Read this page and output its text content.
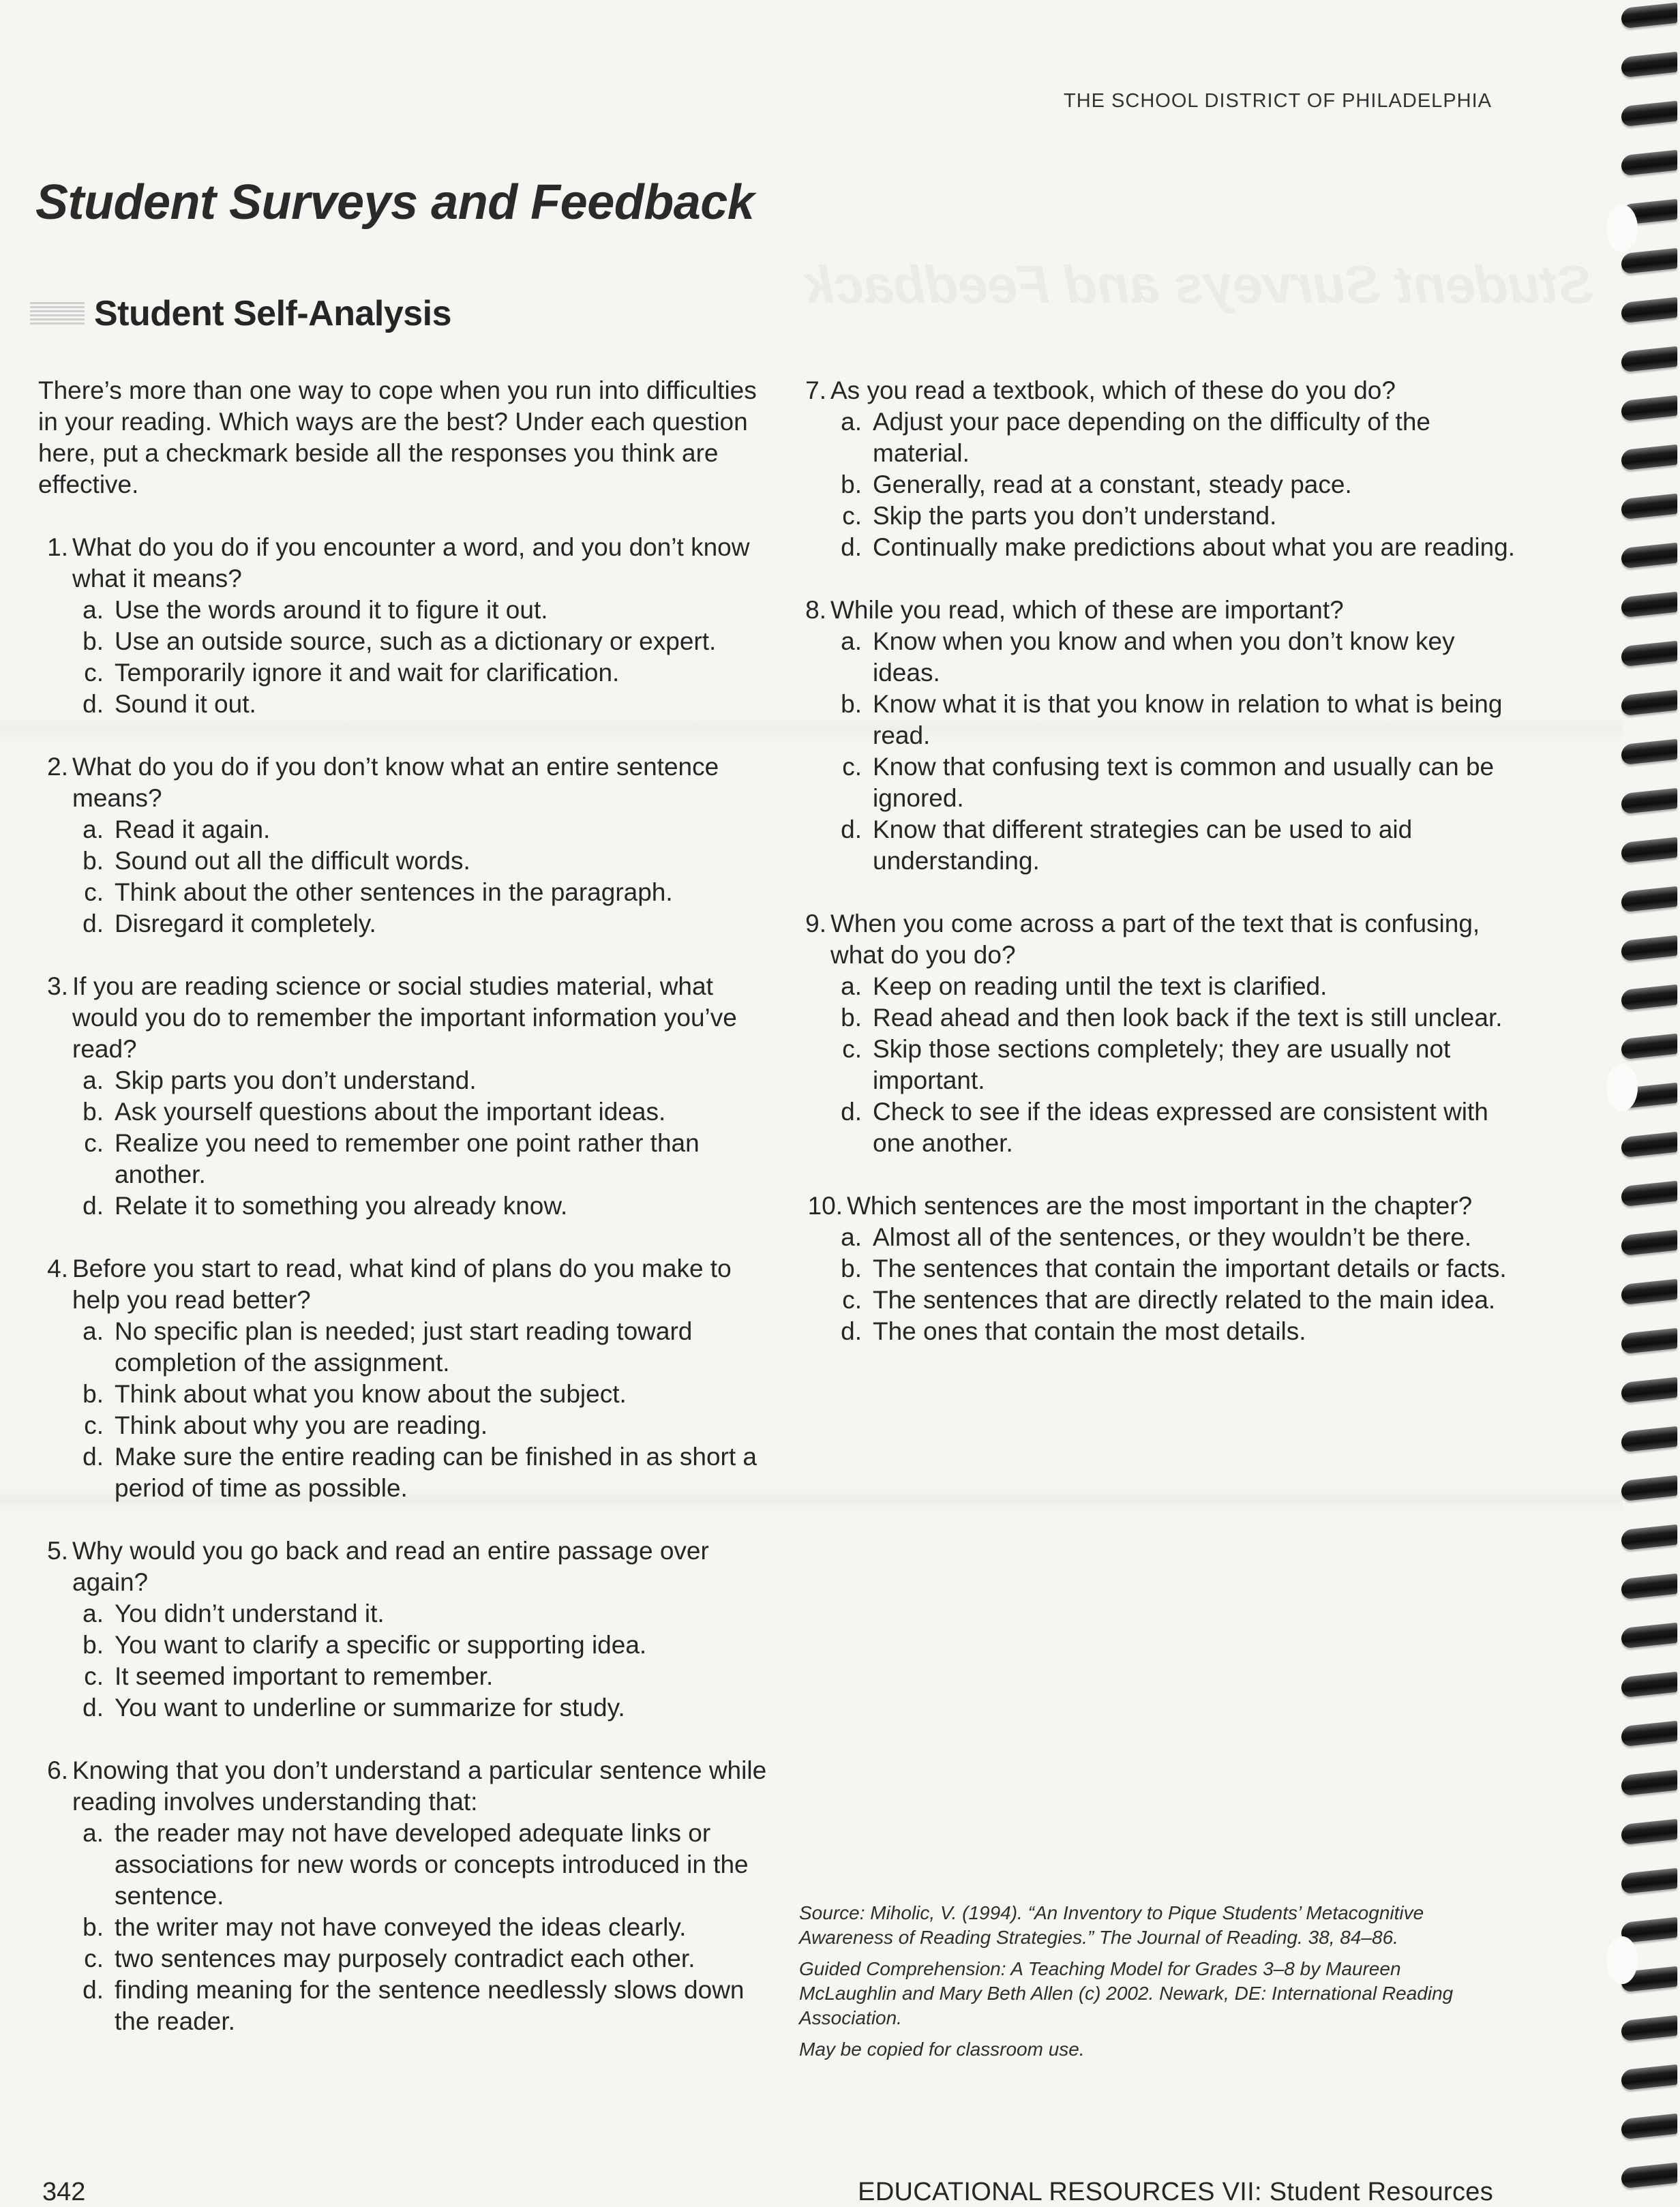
Student Surveys and Feedback
THE SCHOOL DISTRICT OF PHILADELPHIA
Student Surveys and Feedback
Student Self-Analysis

There’s more than one way to cope when you run into difficulties in your reading. Which ways are the best? Under each question here, put a checkmark beside all the responses you think are effective.

1. What do you do if you encounter a word, and you don’t know what it means?
a. Use the words around it to figure it out.
b. Use an outside source, such as a dictionary or expert.
c. Temporarily ignore it and wait for clarification.
d. Sound it out.
2. What do you do if you don’t know what an entire sentence means?
a. Read it again.
b. Sound out all the difficult words.
c. Think about the other sentences in the paragraph.
d. Disregard it completely.
3. If you are reading science or social studies material, what would you do to remember the important information you’ve read?
a. Skip parts you don’t understand.
b. Ask yourself questions about the important ideas.
c. Realize you need to remember one point rather than another.
d. Relate it to something you already know.
4. Before you start to read, what kind of plans do you make to help you read better?
a. No specific plan is needed; just start reading toward completion of the assignment.
b. Think about what you know about the subject.
c. Think about why you are reading.
d. Make sure the entire reading can be finished in as short a period of time as possible.
5. Why would you go back and read an entire passage over again?
a. You didn’t understand it.
b. You want to clarify a specific or supporting idea.
c. It seemed important to remember.
d. You want to underline or summarize for study.
6. Knowing that you don’t understand a particular sentence while reading involves understanding that:
a. the reader may not have developed adequate links or associations for new words or concepts introduced in the sentence.
b. the writer may not have conveyed the ideas clearly.
c. two sentences may purposely contradict each other.
d. finding meaning for the sentence needlessly slows down the reader.
7. As you read a textbook, which of these do you do?
a. Adjust your pace depending on the difficulty of the material.
b. Generally, read at a constant, steady pace.
c. Skip the parts you don’t understand.
d. Continually make predictions about what you are reading.
8. While you read, which of these are important?
a. Know when you know and when you don’t know key ideas.
b. Know what it is that you know in relation to what is being read.
c. Know that confusing text is common and usually can be ignored.
d. Know that different strategies can be used to aid understanding.
9. When you come across a part of the text that is confusing, what do you do?
a. Keep on reading until the text is clarified.
b. Read ahead and then look back if the text is still unclear.
c. Skip those sections completely; they are usually not important.
d. Check to see if the ideas expressed are consistent with one another.
10. Which sentences are the most important in the chapter?
a. Almost all of the sentences, or they wouldn’t be there.
b. The sentences that contain the important details or facts.
c. The sentences that are directly related to the main idea.
d. The ones that contain the most details.

Source: Miholic, V. (1994). “An Inventory to Pique Students’ Metacognitive Awareness of Reading Strategies.” The Journal of Reading. 38, 84–86.

Guided Comprehension: A Teaching Model for Grades 3–8 by Maureen McLaughlin and Mary Beth Allen (c) 2002. Newark, DE: International Reading Association.

May be copied for classroom use.

342	EDUCATIONAL RESOURCES VII: Student Resources
